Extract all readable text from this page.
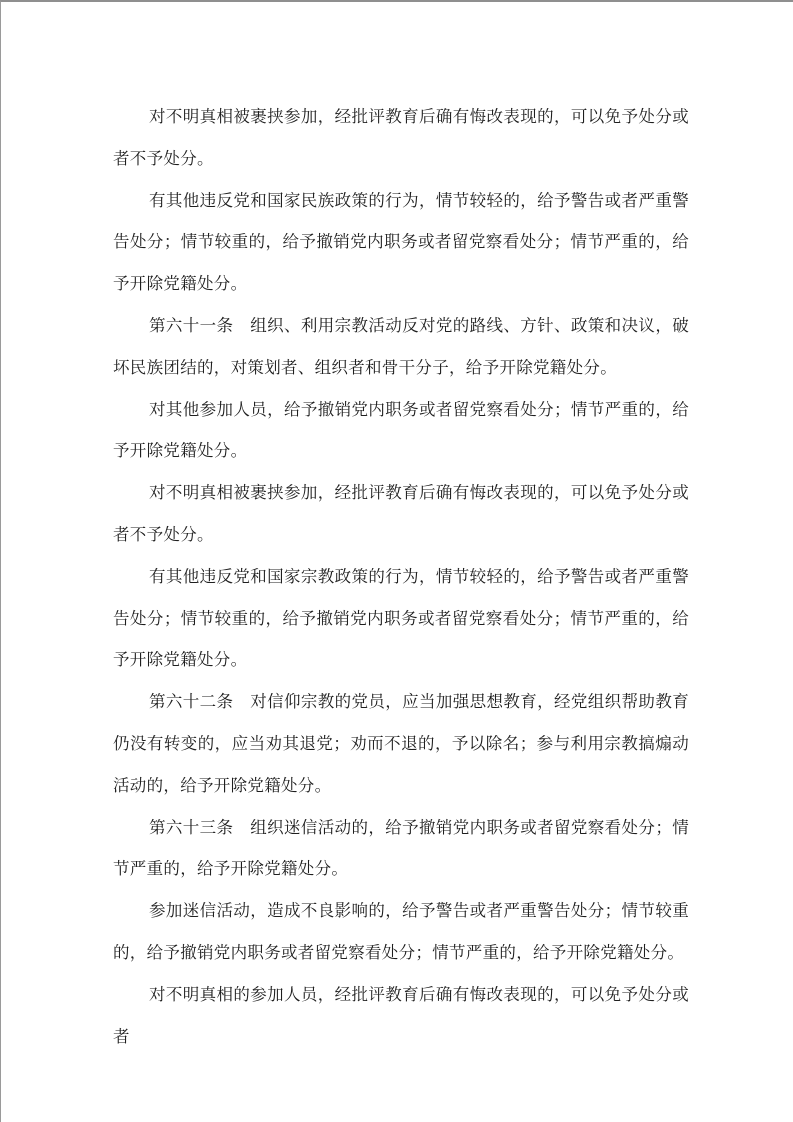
对不明真相被裹挟参加，经批评教育后确有悔改表现的，可以免予处分或者不予处分。

有其他违反党和国家民族政策的行为，情节较轻的，给予警告或者严重警告处分；情节较重的，给予撤销党内职务或者留党察看处分；情节严重的，给予开除党籍处分。

第六十一条　组织、利用宗教活动反对党的路线、方针、政策和决议，破坏民族团结的，对策划者、组织者和骨干分子，给予开除党籍处分。

对其他参加人员，给予撤销党内职务或者留党察看处分；情节严重的，给予开除党籍处分。

对不明真相被裹挟参加，经批评教育后确有悔改表现的，可以免予处分或者不予处分。

有其他违反党和国家宗教政策的行为，情节较轻的，给予警告或者严重警告处分；情节较重的，给予撤销党内职务或者留党察看处分；情节严重的，给予开除党籍处分。

第六十二条　对信仰宗教的党员，应当加强思想教育，经党组织帮助教育仍没有转变的，应当劝其退党；劝而不退的，予以除名；参与利用宗教搞煽动活动的，给予开除党籍处分。

第六十三条　组织迷信活动的，给予撤销党内职务或者留党察看处分；情节严重的，给予开除党籍处分。

参加迷信活动，造成不良影响的，给予警告或者严重警告处分；情节较重的，给予撤销党内职务或者留党察看处分；情节严重的，给予开除党籍处分。

对不明真相的参加人员，经批评教育后确有悔改表现的，可以免予处分或者
